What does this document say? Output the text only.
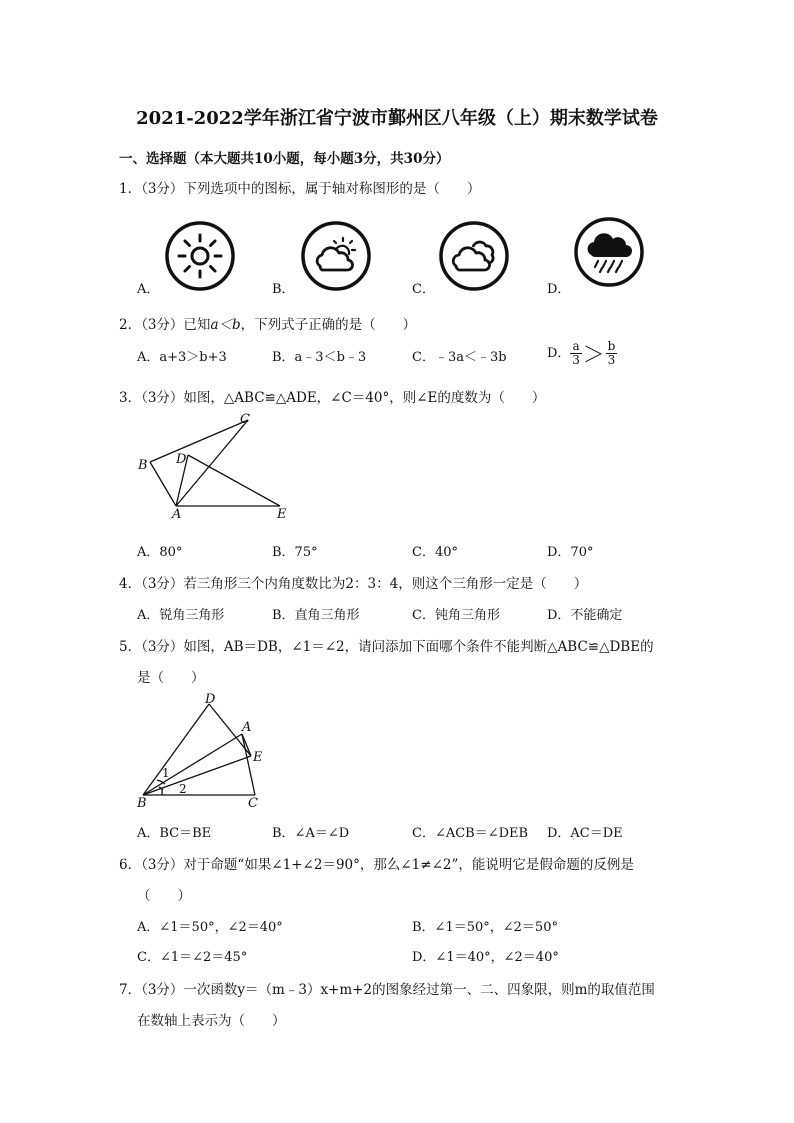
2021-2022学年浙江省宁波市鄞州区八年级（上）期末数学试卷
一、选择题（本大题共10小题，每小题3分，共30分）
1．（3分）下列选项中的图标，属于轴对称图形的是（　　）
A．	B．	C．	D．
2．（3分）已知a＜b，下列式子正确的是（　　）
A．a+3＞b+3	B．a﹣3＜b﹣3	C．﹣3a＜﹣3b	D． $\frac{a}{3} > \frac{b}{3}$
3．（3分）如图，△ABC≌△ADE，∠C＝40°，则∠E的度数为（　　）
B D
C
A	E
A．80°	B．75°	C．40°	D．70°
4．（3分）若三角形三个内角度数比为2：3：4，则这个三角形一定是（　　）
A．锐角三角形	B．直角三角形	C．钝角三角形	D．不能确定
5．（3分）如图，AB＝DB，∠1＝∠2，请问添加下面哪个条件不能判断△ABC≌△DBE的
是（　　）
D
A
E
B	C
1
2
A．BC＝BE	B．∠A＝∠D	C．∠ACB＝∠DEB D．AC＝DE
6．（3分）对于命题“如果∠1+∠2＝90°，那么∠1≠∠2”，能说明它是假命题的反例是
（　　）
A．∠1＝50°，∠2＝40°	B．∠1＝50°，∠2＝50°
C．∠1＝∠2＝45°	D．∠1＝40°，∠2＝40°
7．（3分）一次函数y＝（m﹣3）x+m+2的图象经过第一、二、四象限，则m的取值范围
在数轴上表示为（　　）
